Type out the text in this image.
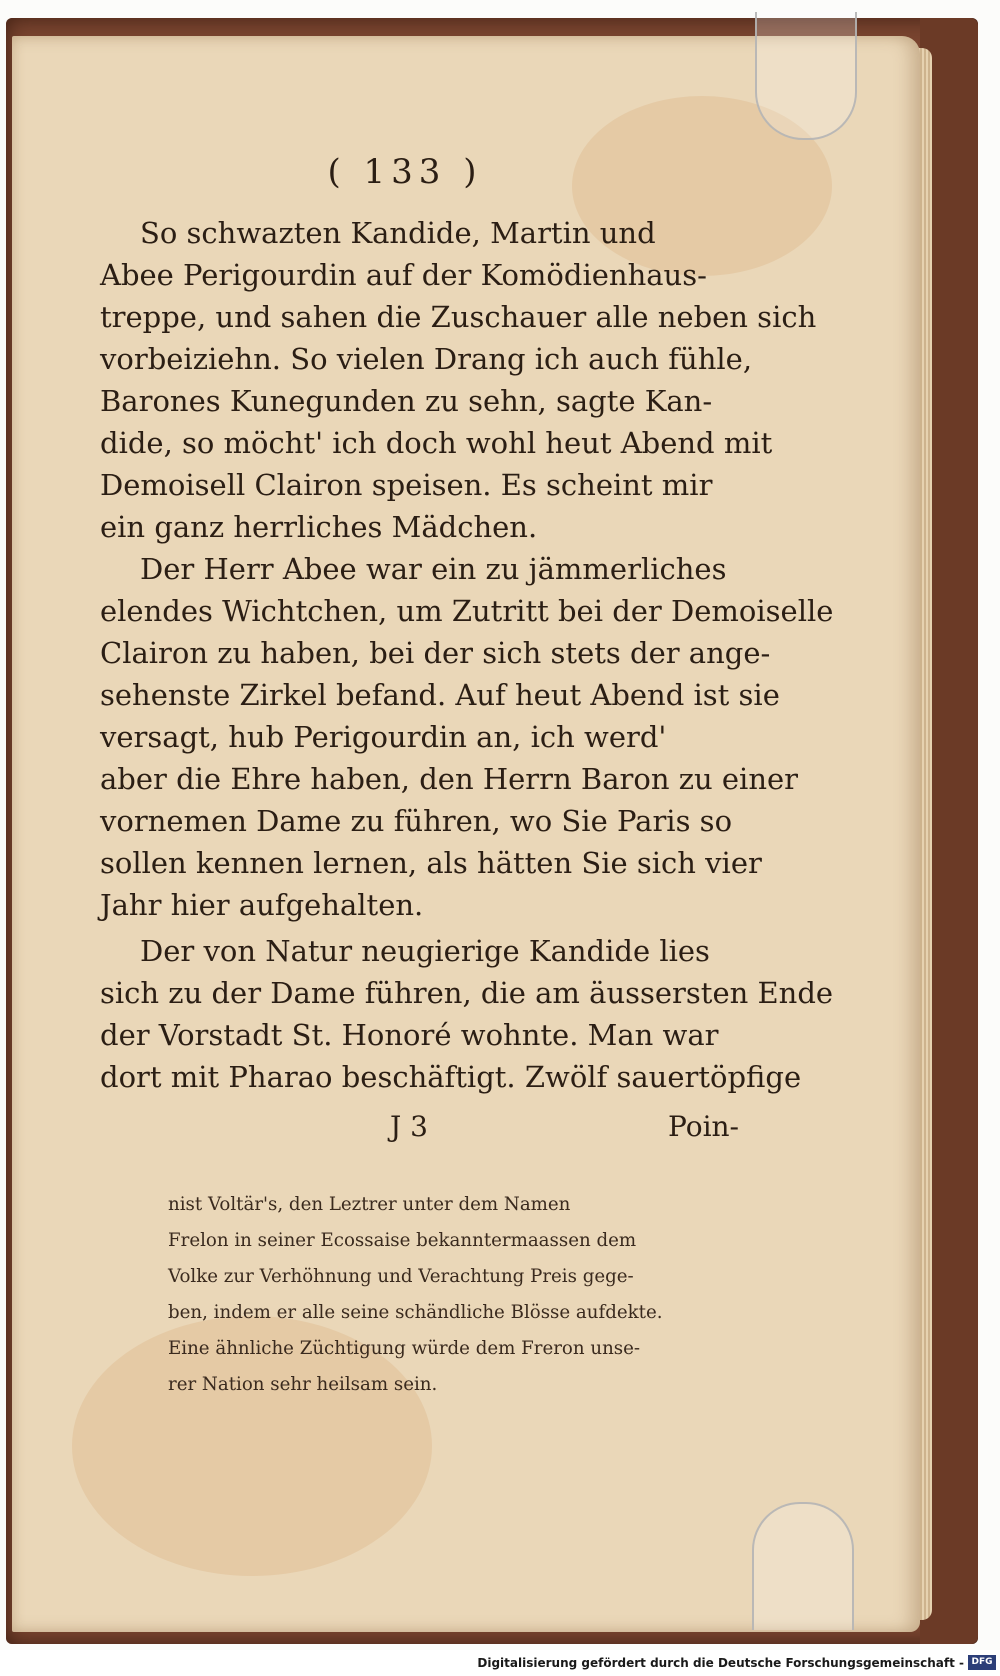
( 133 )
So schwazten Kandide, Martin und
Abee Perigourdin auf der Komödienhaus-
treppe, und sahen die Zuschauer alle neben sich
vorbeiziehn. So vielen Drang ich auch fühle,
Barones Kunegunden zu sehn, sagte Kan-
dide, so möcht' ich doch wohl heut Abend mit
Demoisell Clairon speisen. Es scheint mir
ein ganz herrliches Mädchen.
Der Herr Abee war ein zu jämmerliches
elendes Wichtchen, um Zutritt bei der Demoiselle
Clairon zu haben, bei der sich stets der ange-
sehenste Zirkel befand. Auf heut Abend ist sie
versagt, hub Perigourdin an, ich werd'
aber die Ehre haben, den Herrn Baron zu einer
vornemen Dame zu führen, wo Sie Paris so
sollen kennen lernen, als hätten Sie sich vier
Jahr hier aufgehalten.
Der von Natur neugierige Kandide lies
sich zu der Dame führen, die am äussersten Ende
der Vorstadt St. Honoré wohnte. Man war
dort mit Pharao beschäftigt. Zwölf sauertöpfige
J 3	Poin-
nist Voltär's, den Leztrer unter dem Namen
Frelon in seiner Ecossaise bekanntermaassen dem
Volke zur Verhöhnung und Verachtung Preis gege-
ben, indem er alle seine schändliche Blösse aufdekte.
Eine ähnliche Züchtigung würde dem Freron unse-
rer Nation sehr heilsam sein.
Digitalisierung gefördert durch die Deutsche Forschungsgemeinschaft - DFG
